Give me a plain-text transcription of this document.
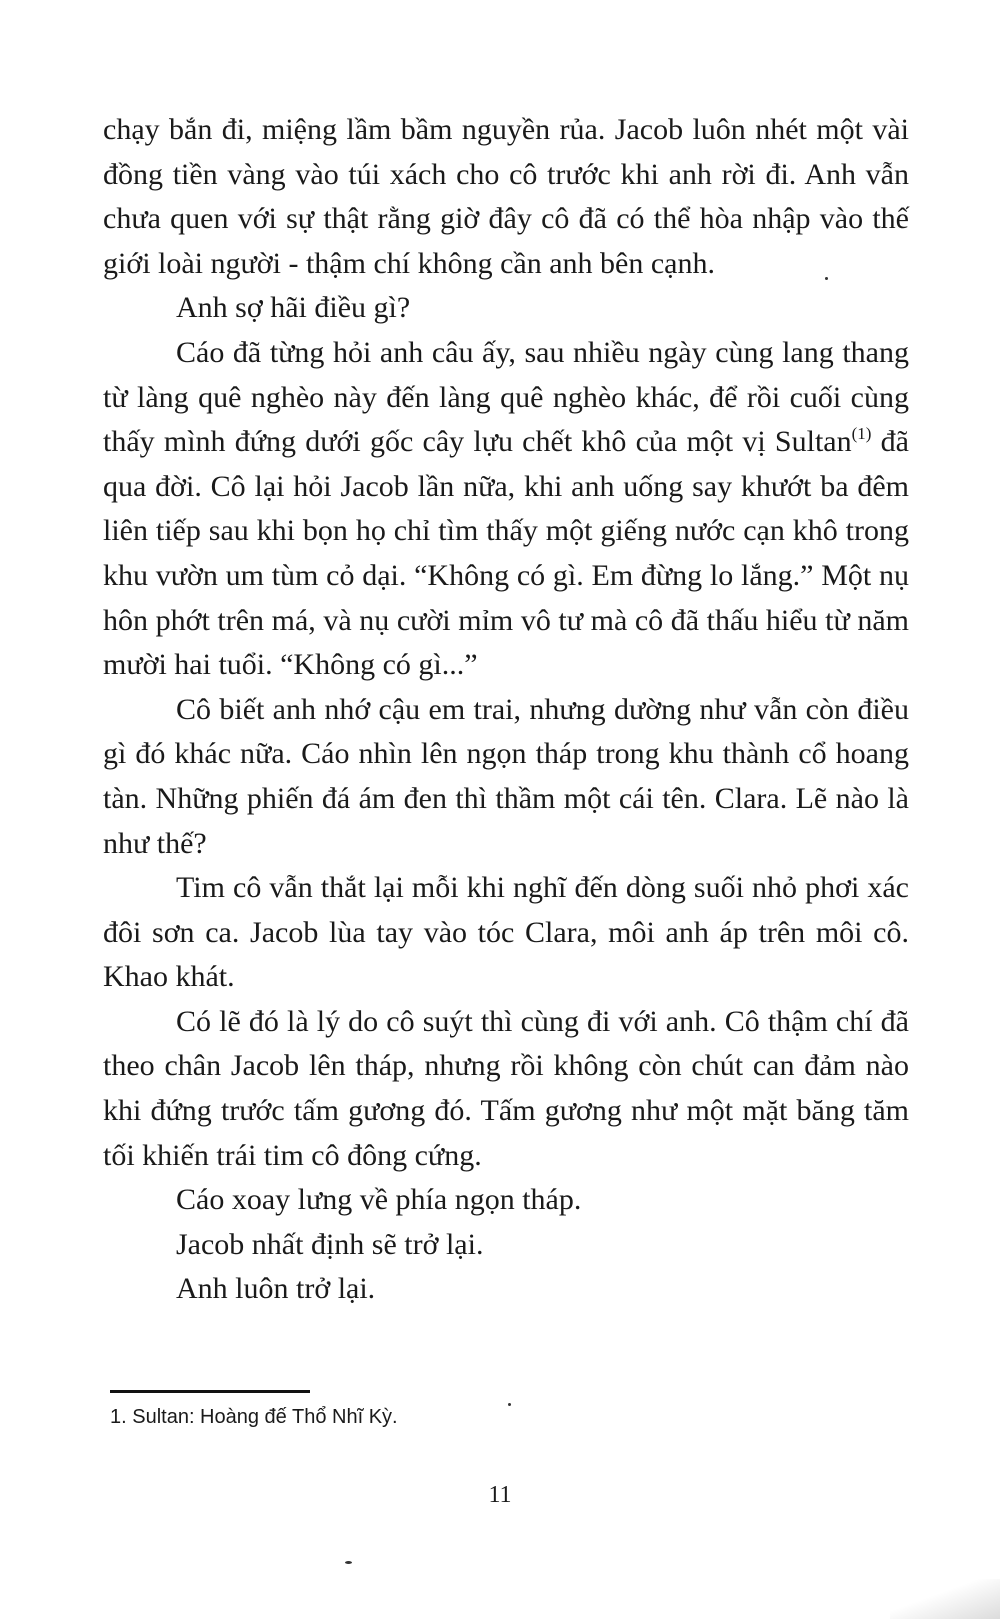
chạy bắn đi, miệng lầm bầm nguyền rủa. Jacob luôn nhét một vài đồng tiền vàng vào túi xách cho cô trước khi anh rời đi. Anh vẫn chưa quen với sự thật rằng giờ đây cô đã có thể hòa nhập vào thế giới loài người - thậm chí không cần anh bên cạnh.

Anh sợ hãi điều gì?

Cáo đã từng hỏi anh câu ấy, sau nhiều ngày cùng lang thang từ làng quê nghèo này đến làng quê nghèo khác, để rồi cuối cùng thấy mình đứng dưới gốc cây lựu chết khô của một vị Sultan$^{(1)}$ đã qua đời. Cô lại hỏi Jacob lần nữa, khi anh uống say khướt ba đêm liên tiếp sau khi bọn họ chỉ tìm thấy một giếng nước cạn khô trong khu vườn um tùm cỏ dại. “Không có gì. Em đừng lo lắng.” Một nụ hôn phớt trên má, và nụ cười mỉm vô tư mà cô đã thấu hiểu từ năm mười hai tuổi. “Không có gì...”

Cô biết anh nhớ cậu em trai, nhưng dường như vẫn còn điều gì đó khác nữa. Cáo nhìn lên ngọn tháp trong khu thành cổ hoang tàn. Những phiến đá ám đen thì thầm một cái tên. Clara. Lẽ nào là như thế?

Tim cô vẫn thắt lại mỗi khi nghĩ đến dòng suối nhỏ phơi xác đôi sơn ca. Jacob lùa tay vào tóc Clara, môi anh áp trên môi cô. Khao khát.

Có lẽ đó là lý do cô suýt thì cùng đi với anh. Cô thậm chí đã theo chân Jacob lên tháp, nhưng rồi không còn chút can đảm nào khi đứng trước tấm gương đó. Tấm gương như một mặt băng tăm tối khiến trái tim cô đông cứng.

Cáo xoay lưng về phía ngọn tháp.

Jacob nhất định sẽ trở lại.

Anh luôn trở lại.

1. Sultan: Hoàng đế Thổ Nhĩ Kỳ.
11
